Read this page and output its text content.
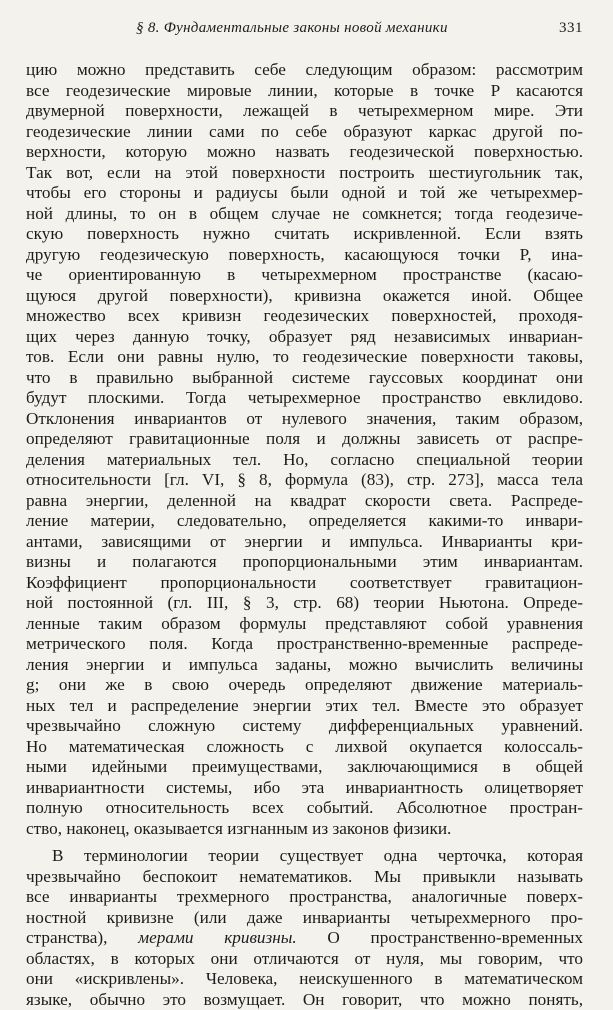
§ 8. Фундаментальные законы новой механики	331
цию можно представить себе следующим образом: рассмотрим
все геодезические мировые линии, которые в точке P касаются
двумерной поверхности, лежащей в четырехмерном мире. Эти
геодезические линии сами по себе образуют каркас другой по-
верхности, которую можно назвать геодезической поверхностью.
Так вот, если на этой поверхности построить шестиугольник так,
чтобы его стороны и радиусы были одной и той же четырехмер-
ной длины, то он в общем случае не сомкнется; тогда геодезиче-
скую поверхность нужно считать искривленной. Если взять
другую геодезическую поверхность, касающуюся точки P, ина-
че ориентированную в четырехмерном пространстве (касаю-
щуюся другой поверхности), кривизна окажется иной. Общее
множество всех кривизн геодезических поверхностей, проходя-
щих через данную точку, образует ряд независимых инвариан-
тов. Если они равны нулю, то геодезические поверхности таковы,
что в правильно выбранной системе гауссовых координат они
будут плоскими. Тогда четырехмерное пространство евклидово.
Отклонения инвариантов от нулевого значения, таким образом,
определяют гравитационные поля и должны зависеть от распре-
деления материальных тел. Но, согласно специальной теории
относительности [гл. VI, § 8, формула (83), стр. 273], масса тела
равна энергии, деленной на квадрат скорости света. Распреде-
ление материи, следовательно, определяется какими-то инвари-
антами, зависящими от энергии и импульса. Инварианты кри-
визны и полагаются пропорциональными этим инвариантам.
Коэффициент пропорциональности соответствует гравитацион-
ной постоянной (гл. III, § 3, стр. 68) теории Ньютона. Опреде-
ленные таким образом формулы представляют собой уравнения
метрического поля. Когда пространственно-временные распреде-
ления энергии и импульса заданы, можно вычислить величины
g; они же в свою очередь определяют движение материаль-
ных тел и распределение энергии этих тел. Вместе это образует
чрезвычайно сложную систему дифференциальных уравнений.
Но математическая сложность с лихвой окупается колоссаль-
ными идейными преимуществами, заключающимися в общей
инвариантности системы, ибо эта инвариантность олицетворяет
полную относительность всех событий. Абсолютное простран-
ство, наконец, оказывается изгнанным из законов физики.
В терминологии теории существует одна черточка, которая
чрезвычайно беспокоит нематематиков. Мы привыкли называть
все инварианты трехмерного пространства, аналогичные поверх-
ностной кривизне (или даже инварианты четырехмерного про-
странства), мерами кривизны. О пространственно-временных
областях, в которых они отличаются от нуля, мы говорим, что
они «искривлены». Человека, неискушенного в математическом
языке, обычно это возмущает. Он говорит, что можно понять,
